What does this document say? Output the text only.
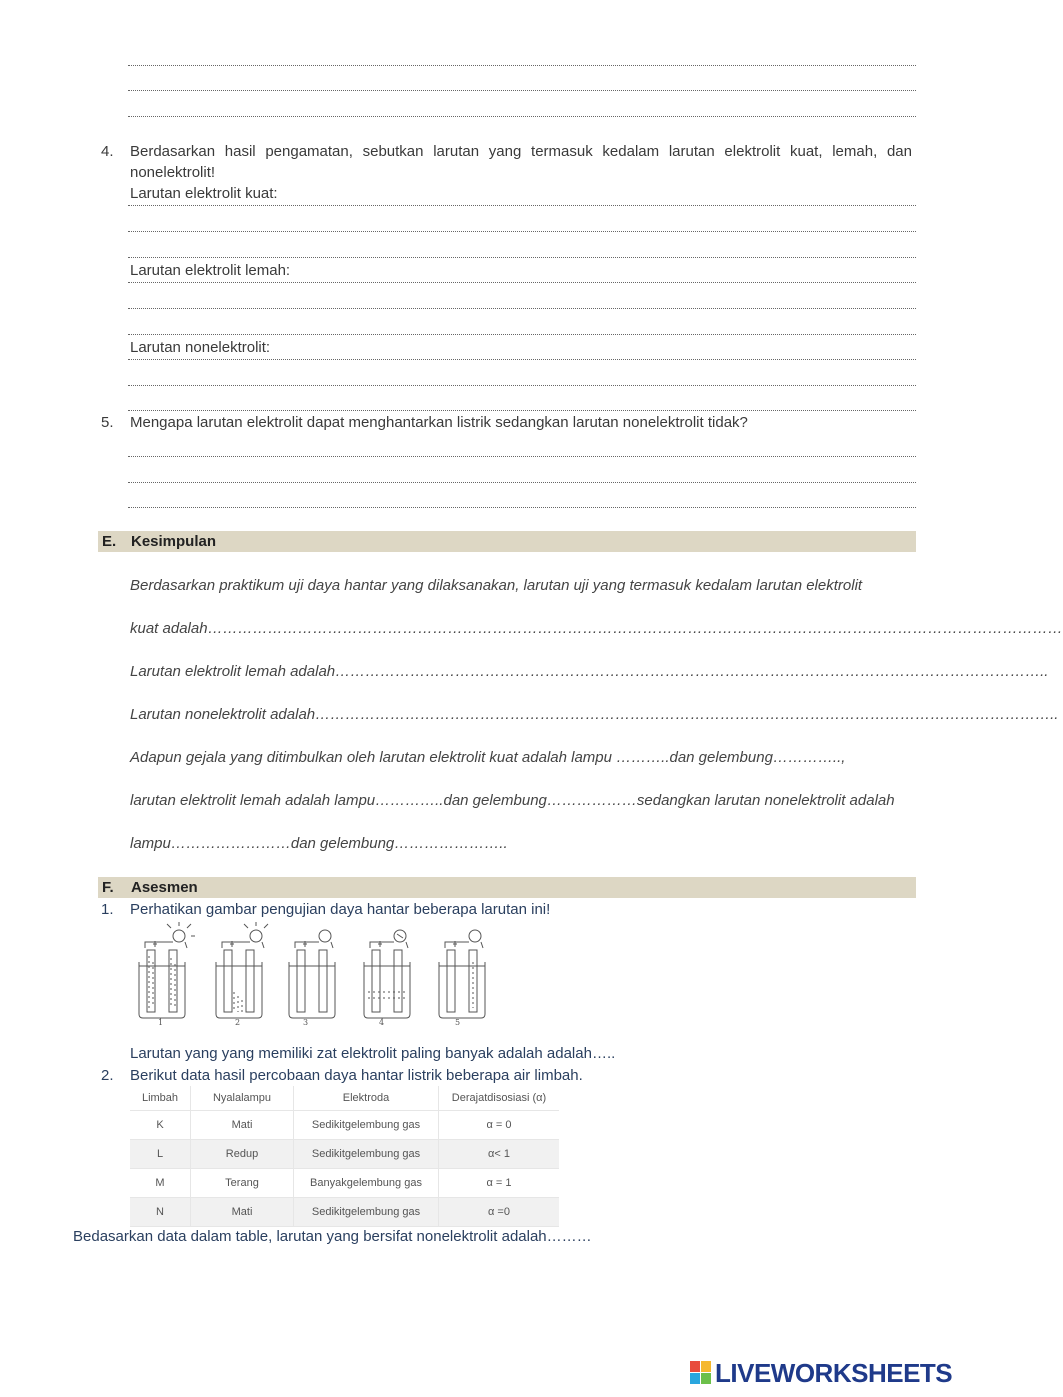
4. Berdasarkan hasil pengamatan, sebutkan larutan yang termasuk kedalam larutan elektrolit kuat, lemah, dan nonelektrolit!
Larutan elektrolit kuat:
Larutan elektrolit lemah:
Larutan nonelektrolit:
5. Mengapa larutan elektrolit dapat menghantarkan listrik sedangkan larutan nonelektrolit tidak?
E. Kesimpulan
Berdasarkan praktikum uji daya hantar yang dilaksanakan, larutan uji yang termasuk kedalam larutan elektrolit
kuat adalah………………………………………………………………………………………………………………………………………………………
Larutan elektrolit lemah adalah……………………………………………………………………………………………………………………………..
Larutan nonelektrolit adalah…………………………………………………………………………………………………………………………………..
Adapun gejala yang ditimbulkan oleh larutan elektrolit kuat adalah lampu ………..dan gelembung…………..,
larutan elektrolit lemah adalah lampu…………..dan gelembung………………sedangkan larutan nonelektrolit adalah
lampu……………………dan gelembung…………………..
F. Asesmen
1. Perhatikan gambar pengujian daya hantar beberapa larutan ini!
1	2	3	4	5
Larutan yang yang memiliki zat elektrolit paling banyak adalah adalah…..
2. Berikut data hasil percobaan daya hantar listrik beberapa air limbah.
Limbah	Nyalalampu	Elektroda	Derajatdisosiasi (α)
K	Mati	Sedikitgelembung gas	α = 0
L	Redup	Sedikitgelembung gas	α< 1
M	Terang	Banyakgelembung gas	α = 1
N	Mati	Sedikitgelembung gas	α =0
Bedasarkan data dalam table, larutan yang bersifat nonelektrolit adalah………
LIVEWORKSHEETS
